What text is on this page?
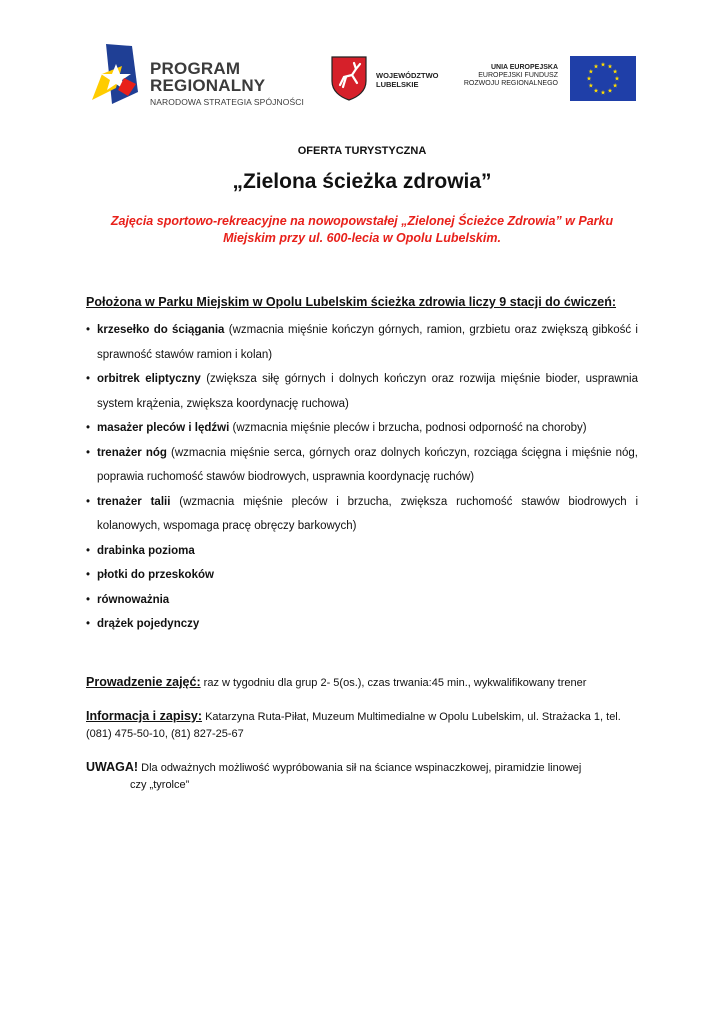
PROGRAM
REGIONALNY
NARODOWA STRATEGIA SPÓJNOŚCI
WOJEWÓDZTWO
LUBELSKIE
UNIA EUROPEJSKA
EUROPEJSKI FUNDUSZ
ROZWOJU REGIONALNEGO
OFERTA TURYSTYCZNA
„Zielona ścieżka zdrowia”
Zajęcia sportowo-rekreacyjne na nowopowstałej „Zielonej Ścieżce Zdrowia” w Parku Miejskim przy ul. 600-lecia w Opolu Lubelskim.
Położona w Parku Miejskim w Opolu Lubelskim ścieżka zdrowia liczy 9 stacji do ćwiczeń:
• krzesełko do ściągania (wzmacnia mięśnie kończyn górnych, ramion, grzbietu oraz zwiększą gibkość i sprawność stawów ramion i kolan)
• orbitrek eliptyczny (zwiększa siłę górnych i dolnych kończyn oraz rozwija mięśnie bioder, usprawnia system krążenia, zwiększa koordynację ruchowa)
• masażer pleców i lędźwi (wzmacnia mięśnie pleców i brzucha, podnosi odporność na choroby)
• trenażer nóg (wzmacnia mięśnie serca, górnych oraz dolnych kończyn, rozciąga ścięgna i mięśnie nóg, poprawia ruchomość stawów biodrowych, usprawnia koordynację ruchów)
• trenażer talii (wzmacnia mięśnie pleców i brzucha, zwiększa ruchomość stawów biodrowych i kolanowych, wspomaga pracę obręczy barkowych)
• drabinka pozioma
• płotki do przeskoków
• równoważnia
• drążek pojedynczy
Prowadzenie zajęć: raz w tygodniu dla grup 2- 5(os.), czas trwania:45 min., wykwalifikowany trener
Informacja i zapisy: Katarzyna Ruta-Piłat, Muzeum Multimedialne w Opolu Lubelskim, ul. Strażacka 1, tel. (081) 475-50-10, (81) 827-25-67
UWAGA! Dla odważnych możliwość wypróbowania sił na ściance wspinaczkowej, piramidzie linowej
czy „tyrolce”
